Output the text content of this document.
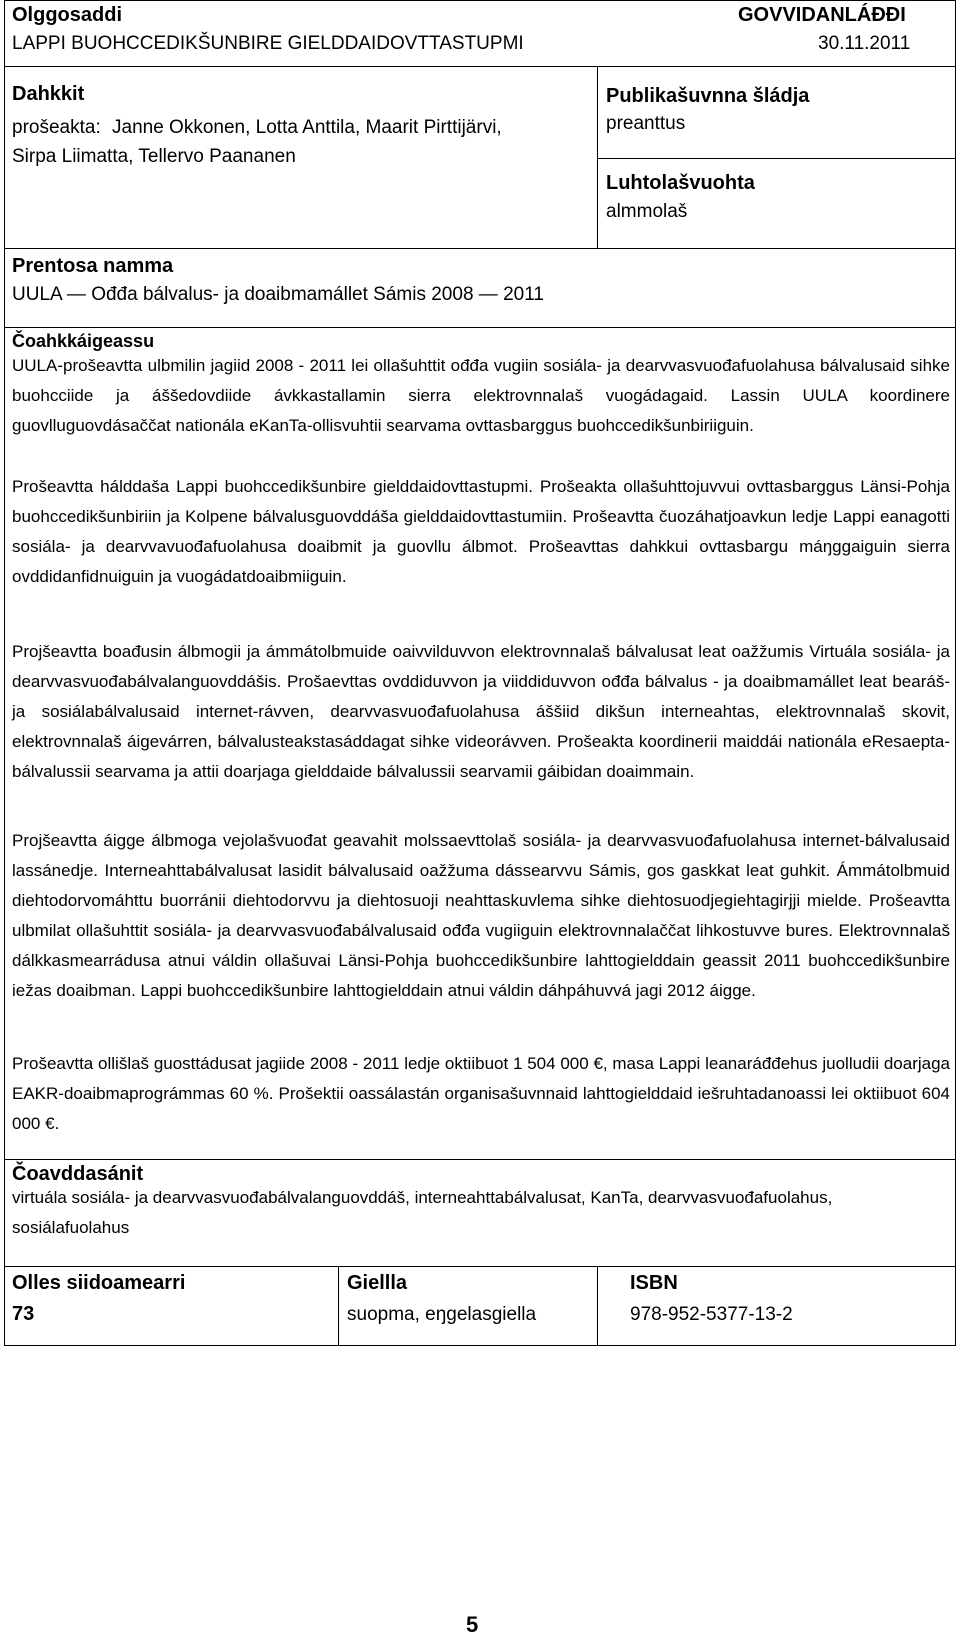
Olggosaddi
LAPPI BUOHCCEDIKŠUNBIRE GIELDDAIDOVTTASTUPMI
GOVVIDANLÁĐĐI
30.11.2011
Dahkkit
prošeakta: Janne Okkonen, Lotta Anttila, Maarit Pirttijärvi,
Sirpa Liimatta, Tellervo Paananen
Publikašuvnna šládja
preanttus
Luhtolašvuohta
almmolaš
Prentosa namma
UULA — Ođđa bálvalus- ja doaibmamállet Sámis 2008 — 2011
Čoahkkáigeassu

UULA-prošeavtta ulbmilin jagiid 2008 - 2011 lei ollašuhttit ođđa vugiin sosiála- ja dearvvasvuođafuolahusa bálvalusaid sihke buohcciide ja áššedovdiide ávkkastallamin sierra elektrovnnalaš vuogádagaid. Lassin UULA koordinere guovlluguovdásaččat nationála eKanTa-ollisvuhtii searvama ovttasbarggus buohccedikšunbiriiguin.

Prošeavtta hálddaša Lappi buohccedikšunbire gielddaidovttastupmi. Prošeakta ollašuhttojuvvui ovttasbarggus Länsi-Pohja buohccedikšunbiriin ja Kolpene bálvalusguovddáša gielddaidovttastumiin. Prošeavtta čuozáhatjoavkun ledje Lappi eanagotti sosiála- ja dearvvavuođafuolahusa doaibmit ja guovllu álbmot. Prošeavttas dahkkui ovttasbargu máŋggaiguin sierra ovddidanfidnuiguin ja vuogádatdoaibmiiguin.

Projšeavtta boađusin álbmogii ja ámmátolbmuide oaivvilduvvon elektrovnnalaš bálvalusat leat oažžumis Virtuála sosiála- ja dearvvasvuođabálvalanguovddášis. Prošaevttas ovddiduvvon ja viiddiduvvon ođđa bálvalus - ja doaibmamállet leat bearáš- ja sosiálabálvalusaid internet-rávven, dearvvasvuođafuolahusa áššiid dikšun interneahtas, elektrovnnalaš skovit, elektrovnnalaš áigevárren, bálvalusteakstasáddagat sihke videorávven. Prošeakta koordinerii maiddái nationála eResaepta-bálvalussii searvama ja attii doarjaga gielddaide bálvalussii searvamii gáibidan doaimmain.

Projšeavtta áigge álbmoga vejolašvuođat geavahit molssaevttolaš sosiála- ja dearvvasvuođafuolahusa internet-bálvalusaid lassánedje. Interneahttabálvalusat lasidit bálvalusaid oažžuma dássearvvu Sámis, gos gaskkat leat guhkit. Ámmátolbmuid diehtodorvomáhttu buorránii diehtodorvvu ja diehtosuoji neahttaskuvlema sihke diehtosuodjegiehtagirjji mielde. Prošeavtta ulbmilat ollašuhttit sosiála- ja dearvvasvuođabálvalusaid ođđa vugiiguin elektrovnnalaččat lihkostuvve bures. Elektrovnnalaš dálkkasmearrádusa atnui váldin ollašuvai Länsi-Pohja buohccedikšunbire lahttogielddain geassit 2011 buohccedikšunbire iežas doaibman. Lappi buohccedikšunbire lahttogielddain atnui váldin dáhpáhuvvá jagi 2012 áigge.

Prošeavtta ollišlaš guosttádusat jagiide 2008 - 2011 ledje oktiibuot 1 504 000 €, masa Lappi leanaráđđehus juolludii doarjaga EAKR-doaibmaprográmmas 60 %. Prošektii oassálastán organisašuvnnaid lahttogielddaid iešruhtadanoassi lei oktiibuot 604 000 €.

Čoavddasánit

virtuála sosiála- ja dearvvasvuođabálvalanguovddáš, interneahttabálvalusat, KanTa, dearvvasvuođafuolahus, sosiálafuolahus

Olles siidoamearri
73
Giellla
suopma, eŋgelasgiella
ISBN
978-952-5377-13-2
5
